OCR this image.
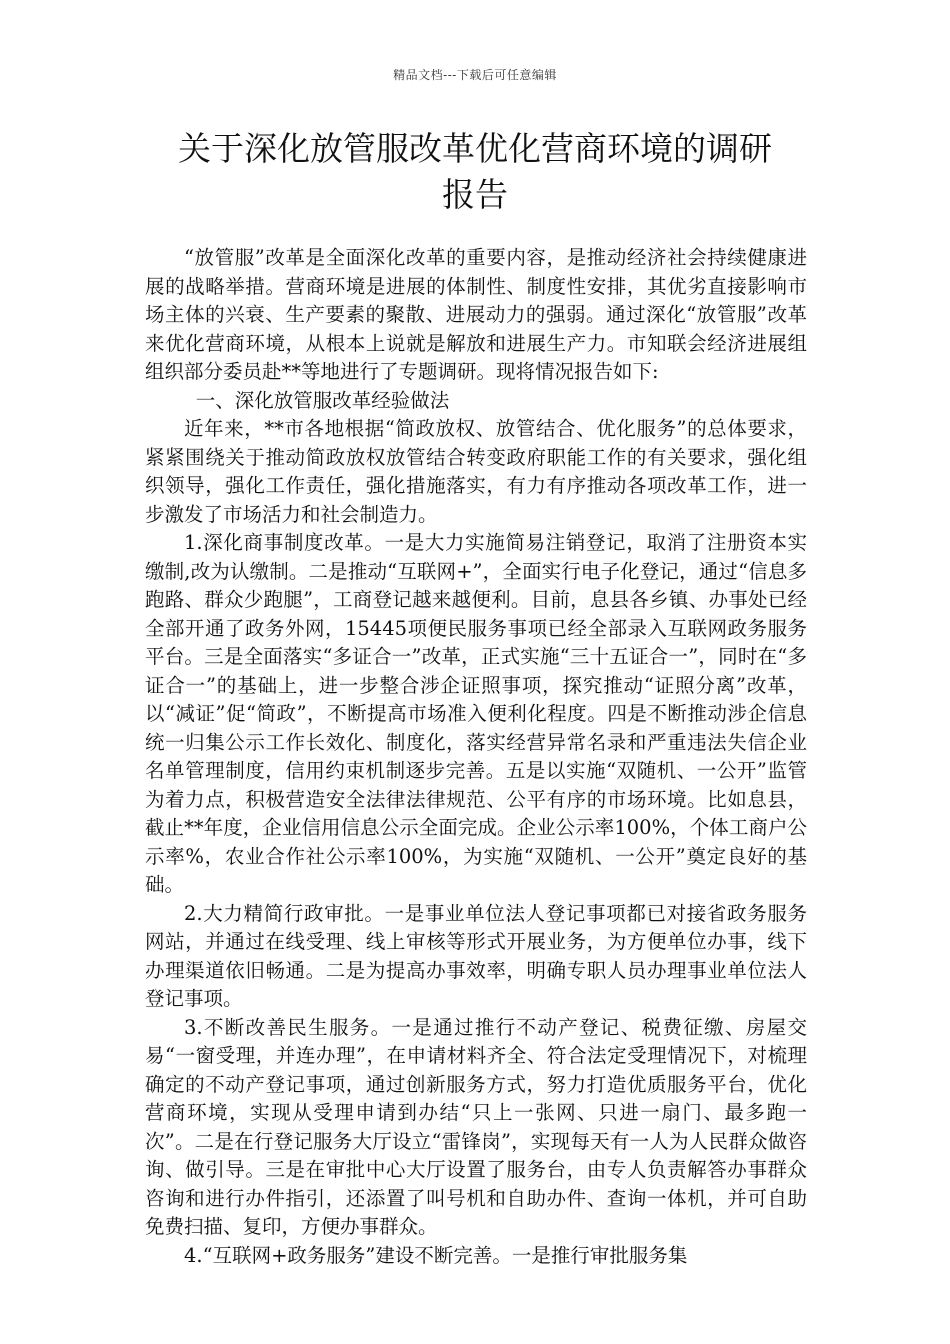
精品文档---下载后可任意编辑
关于深化放管服改革优化营商环境的调研
报告

“放管服”改革是全面深化改革的重要内容，是推动经济社会持续健康进展的战略举措。营商环境是进展的体制性、制度性安排，其优劣直接影响市场主体的兴衰、生产要素的聚散、进展动力的强弱。通过深化“放管服”改革来优化营商环境，从根本上说就是解放和进展生产力。市知联会经济进展组组织部分委员赴**等地进行了专题调研。现将情况报告如下:

一、深化放管服改革经验做法

近年来，**市各地根据“简政放权、放管结合、优化服务”的总体要求，紧紧围绕关于推动简政放权放管结合转变政府职能工作的有关要求，强化组织领导，强化工作责任，强化措施落实，有力有序推动各项改革工作，进一步激发了市场活力和社会制造力。

1.深化商事制度改革。一是大力实施简易注销登记，取消了注册资本实缴制,改为认缴制。二是推动“互联网+”，全面实行电子化登记，通过“信息多跑路、群众少跑腿”，工商登记越来越便利。目前，息县各乡镇、办事处已经全部开通了政务外网，15445项便民服务事项已经全部录入互联网政务服务平台。三是全面落实“多证合一”改革，正式实施“三十五证合一”，同时在“多证合一”的基础上，进一步整合涉企证照事项，探究推动“证照分离”改革，以“减证”促“简政”，不断提高市场准入便利化程度。四是不断推动涉企信息统一归集公示工作长效化、制度化，落实经营异常名录和严重违法失信企业名单管理制度，信用约束机制逐步完善。五是以实施“双随机、一公开”监管为着力点，积极营造安全法律法律规范、公平有序的市场环境。比如息县，截止**年度，企业信用信息公示全面完成。企业公示率100%，个体工商户公示率%，农业合作社公示率100%，为实施“双随机、一公开”奠定良好的基础。

2.大力精简行政审批。一是事业单位法人登记事项都已对接省政务服务网站，并通过在线受理、线上审核等形式开展业务，为方便单位办事，线下办理渠道依旧畅通。二是为提高办事效率，明确专职人员办理事业单位法人登记事项。

3.不断改善民生服务。一是通过推行不动产登记、税费征缴、房屋交易“一窗受理，并连办理”，在申请材料齐全、符合法定受理情况下，对梳理确定的不动产登记事项，通过创新服务方式，努力打造优质服务平台，优化营商环境，实现从受理申请到办结“只上一张网、只进一扇门、最多跑一次”。二是在行登记服务大厅设立“雷锋岗”，实现每天有一人为人民群众做咨询、做引导。三是在审批中心大厅设置了服务台，由专人负责解答办事群众咨询和进行办件指引，还添置了叫号机和自助办件、查询一体机，并可自助免费扫描、复印，方便办事群众。

4.“互联网+政务服务”建设不断完善。一是推行审批服务集
